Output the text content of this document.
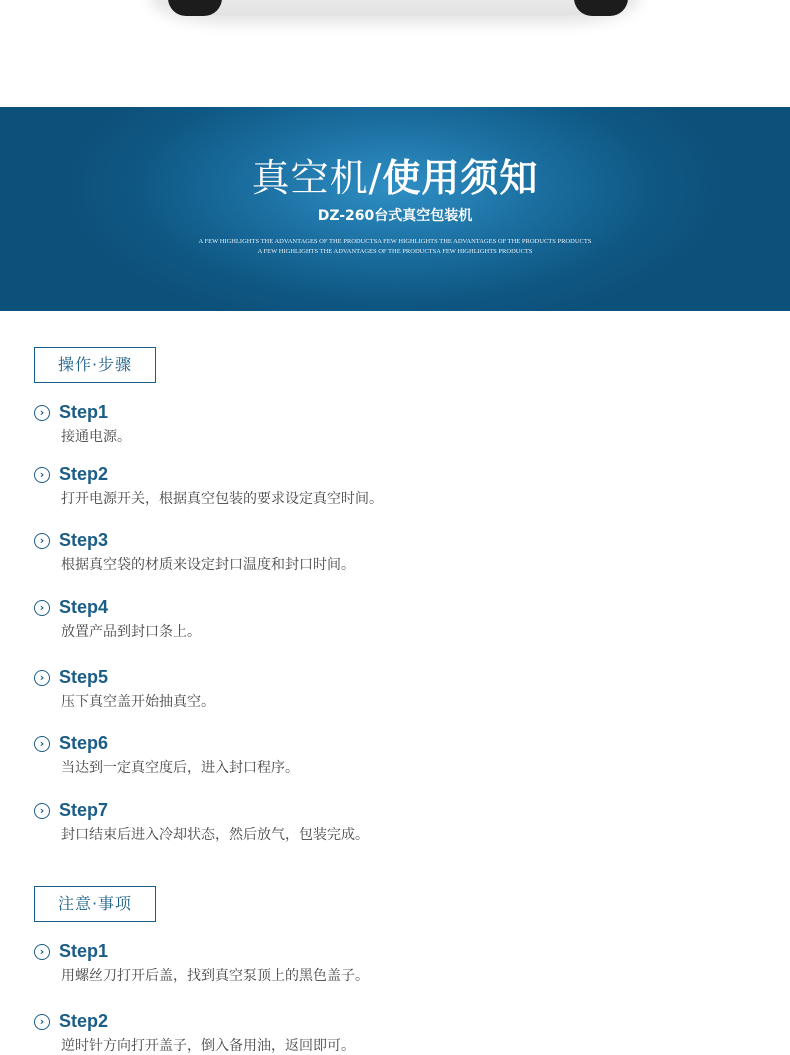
真空机/使用须知
DZ-260台式真空包装机
A FEW HIGHLIGHTS THE ADVANTAGES OF THE PRODUCTSA FEW HIGHLIGHTS THE ADVANTAGES OF THE PRODUCTS PRODUCTS
A FEW HIGHLIGHTS THE ADVANTAGES OF THE PRODUCTSA FEW HIGHLIGHTS PRODUCTS
操作·步骤
› Step1
接通电源。
› Step2
打开电源开关，根据真空包装的要求设定真空时间。
› Step3
根据真空袋的材质来设定封口温度和封口时间。
› Step4
放置产品到封口条上。
› Step5
压下真空盖开始抽真空。
› Step6
当达到一定真空度后，进入封口程序。
› Step7
封口结束后进入冷却状态，然后放气，包装完成。
注意·事项
› Step1
用螺丝刀打开后盖，找到真空泵顶上的黑色盖子。
› Step2
逆时针方向打开盖子，倒入备用油，返回即可。
